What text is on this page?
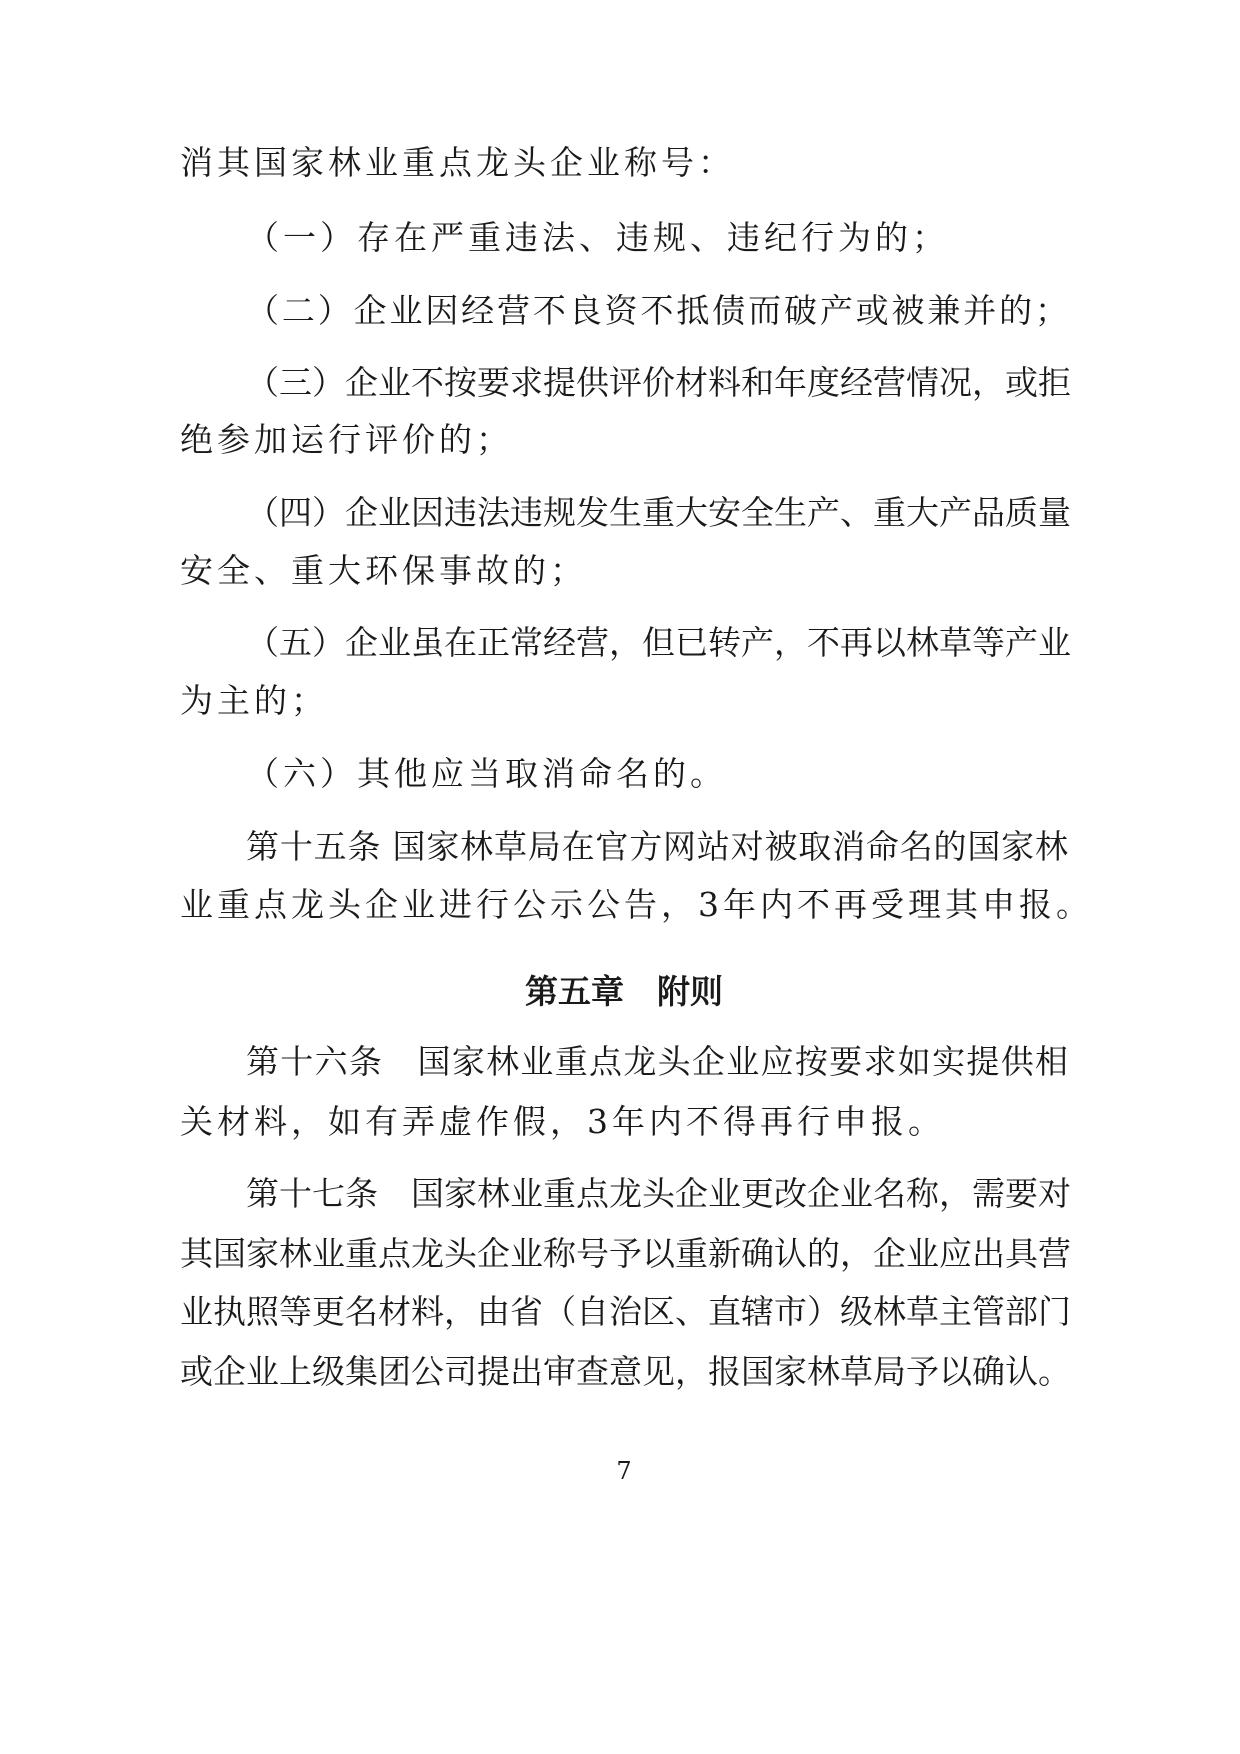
消其国家林业重点龙头企业称号：
（一）存在严重违法、违规、违纪行为的；
（二）企业因经营不良资不抵债而破产或被兼并的；
（三）企业不按要求提供评价材料和年度经营情况，或拒
绝参加运行评价的；
（四）企业因违法违规发生重大安全生产、重大产品质量
安全、重大环保事故的；
（五）企业虽在正常经营，但已转产，不再以林草等产业
为主的；
（六）其他应当取消命名的。
第十五条 国家林草局在官方网站对被取消命名的国家林
业重点龙头企业进行公示公告，3年内不再受理其申报。
第五章　附则
第十六条　国家林业重点龙头企业应按要求如实提供相
关材料，如有弄虚作假，3年内不得再行申报。
第十七条　国家林业重点龙头企业更改企业名称，需要对
其国家林业重点龙头企业称号予以重新确认的，企业应出具营
业执照等更名材料，由省（自治区、直辖市）级林草主管部门
或企业上级集团公司提出审查意见，报国家林草局予以确认。
7
